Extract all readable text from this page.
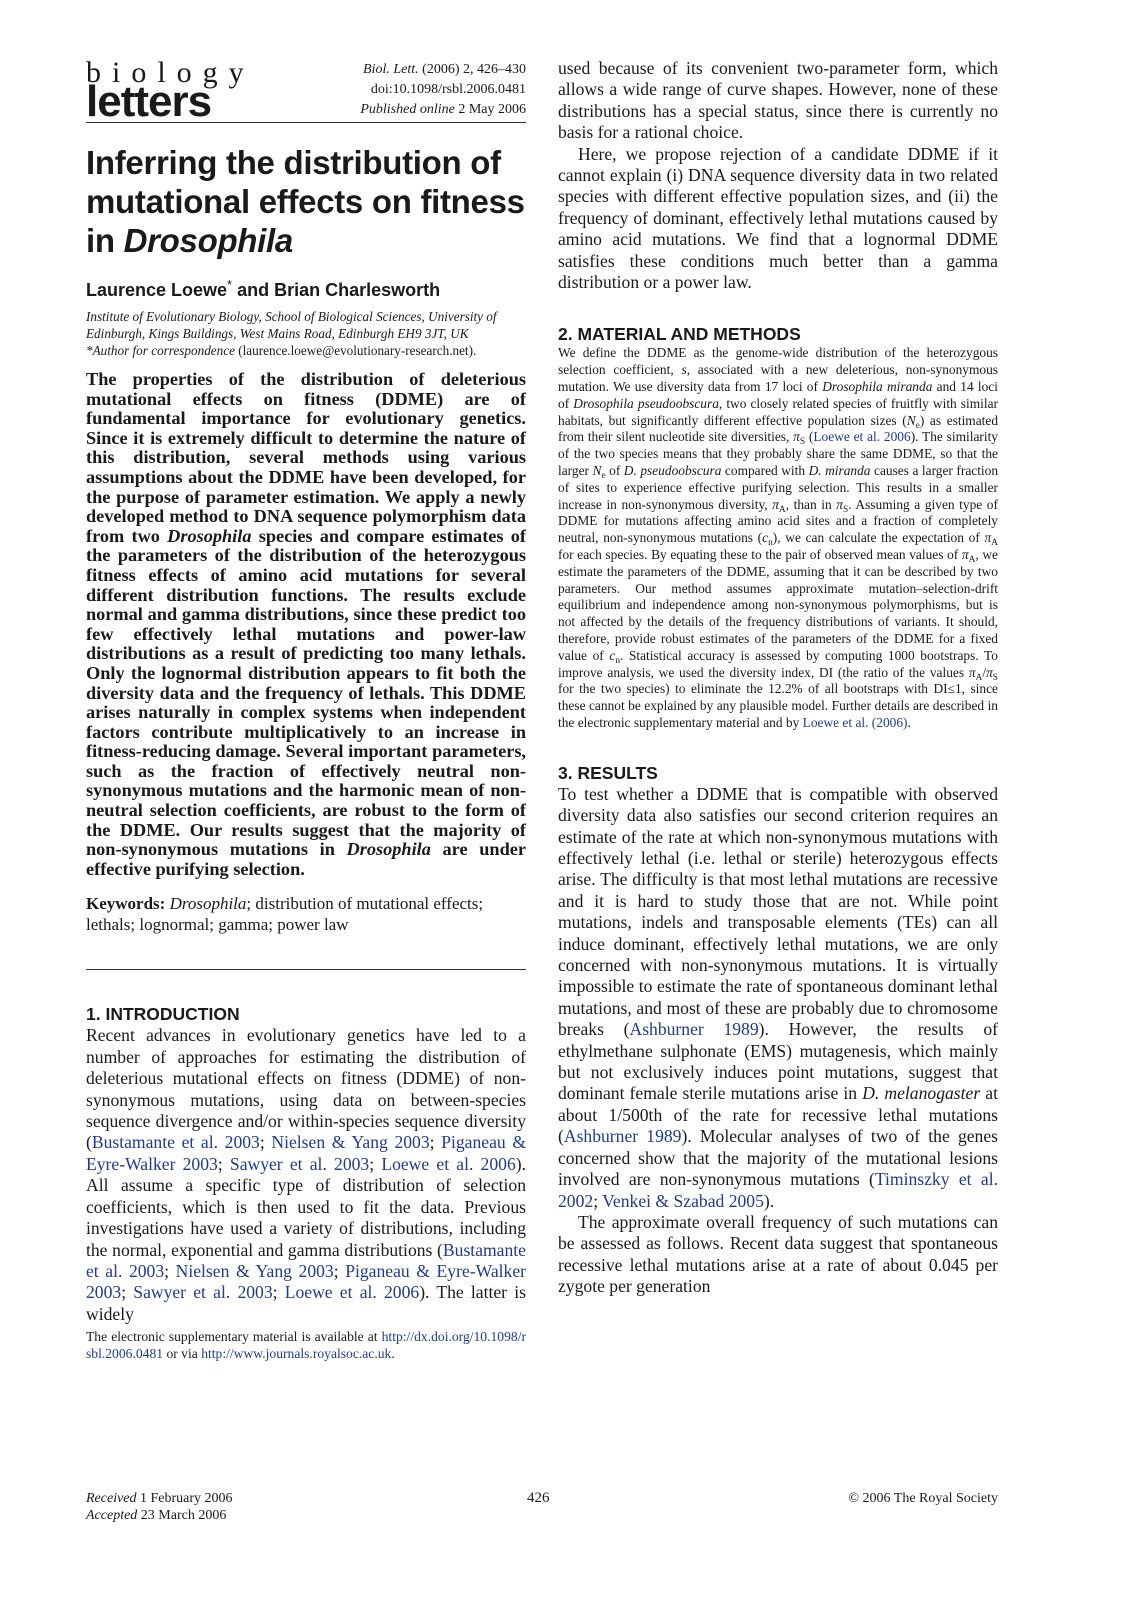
biology
letters
Biol. Lett. (2006) 2, 426–430
doi:10.1098/rsbl.2006.0481
Published online 2 May 2006
Inferring the distribution of mutational effects on fitness in Drosophila
Laurence Loewe* and Brian Charlesworth
Institute of Evolutionary Biology, School of Biological Sciences, University of Edinburgh, Kings Buildings, West Mains Road, Edinburgh EH9 3JT, UK
*Author for correspondence (laurence.loewe@evolutionary-research.net).
The properties of the distribution of deleterious mutational effects on fitness (DDME) are of fundamental importance for evolutionary genetics. Since it is extremely difficult to determine the nature of this distribution, several methods using various assumptions about the DDME have been developed, for the purpose of parameter estimation. We apply a newly developed method to DNA sequence polymorphism data from two Drosophila species and compare estimates of the parameters of the distribution of the heterozygous fitness effects of amino acid mutations for several different distribution functions. The results exclude normal and gamma distributions, since these predict too few effectively lethal mutations and power-law distributions as a result of predicting too many lethals. Only the lognormal distribution appears to fit both the diversity data and the frequency of lethals. This DDME arises naturally in complex systems when independent factors contribute multiplicatively to an increase in fitness-reducing damage. Several important parameters, such as the fraction of effectively neutral non-synonymous mutations and the harmonic mean of non-neutral selection coefficients, are robust to the form of the DDME. Our results suggest that the majority of non-synonymous mutations in Drosophila are under effective purifying selection.
Keywords: Drosophila; distribution of mutational effects; lethals; lognormal; gamma; power law
1. INTRODUCTION
Recent advances in evolutionary genetics have led to a number of approaches for estimating the distribution of deleterious mutational effects on fitness (DDME) of non-synonymous mutations, using data on between-species sequence divergence and/or within-species sequence diversity (Bustamante et al. 2003; Nielsen & Yang 2003; Piganeau & Eyre-Walker 2003; Sawyer et al. 2003; Loewe et al. 2006). All assume a specific type of distribution of selection coefficients, which is then used to fit the data. Previous investigations have used a variety of distributions, including the normal, exponential and gamma distributions (Bustamante et al. 2003; Nielsen & Yang 2003; Piganeau & Eyre-Walker 2003; Sawyer et al. 2003; Loewe et al. 2006). The latter is widely
The electronic supplementary material is available at http://dx.doi.org/10.1098/rsbl.2006.0481 or via http://www.journals.royalsoc.ac.uk.
used because of its convenient two-parameter form, which allows a wide range of curve shapes. However, none of these distributions has a special status, since there is currently no basis for a rational choice.
Here, we propose rejection of a candidate DDME if it cannot explain (i) DNA sequence diversity data in two related species with different effective population sizes, and (ii) the frequency of dominant, effectively lethal mutations caused by amino acid mutations. We find that a lognormal DDME satisfies these conditions much better than a gamma distribution or a power law.
2. MATERIAL AND METHODS
We define the DDME as the genome-wide distribution of the heterozygous selection coefficient, s, associated with a new deleterious, non-synonymous mutation. We use diversity data from 17 loci of Drosophila miranda and 14 loci of Drosophila pseudoobscura, two closely related species of fruitfly with similar habitats, but significantly different effective population sizes $(N_e)$ as estimated from their silent nucleotide site diversities, $\pi_S$ (Loewe et al. 2006). The similarity of the two species means that they probably share the same DDME, so that the larger $N_e$ of D. pseudoobscura compared with D. miranda causes a larger fraction of sites to experience effective purifying selection. This results in a smaller increase in non-synonymous diversity, $\pi_A$, than in $\pi_S$. Assuming a given type of DDME for mutations affecting amino acid sites and a fraction of completely neutral, non-synonymous mutations $(c_n)$, we can calculate the expectation of $\pi_A$ for each species. By equating these to the pair of observed mean values of $\pi_A$, we estimate the parameters of the DDME, assuming that it can be described by two parameters. Our method assumes approximate mutation–selection-drift equilibrium and independence among non-synonymous polymorphisms, but is not affected by the details of the frequency distributions of variants. It should, therefore, provide robust estimates of the parameters of the DDME for a fixed value of $c_n$. Statistical accuracy is assessed by computing 1000 bootstraps. To improve analysis, we used the diversity index, DI (the ratio of the values $\pi_A/\pi_S$ for the two species) to eliminate the 12.2% of all bootstraps with DI≤1, since these cannot be explained by any plausible model. Further details are described in the electronic supplementary material and by Loewe et al. (2006).
3. RESULTS
To test whether a DDME that is compatible with observed diversity data also satisfies our second criterion requires an estimate of the rate at which non-synonymous mutations with effectively lethal (i.e. lethal or sterile) heterozygous effects arise. The difficulty is that most lethal mutations are recessive and it is hard to study those that are not. While point mutations, indels and transposable elements (TEs) can all induce dominant, effectively lethal mutations, we are only concerned with non-synonymous mutations. It is virtually impossible to estimate the rate of spontaneous dominant lethal mutations, and most of these are probably due to chromosome breaks (Ashburner 1989). However, the results of ethylmethane sulphonate (EMS) mutagenesis, which mainly but not exclusively induces point mutations, suggest that dominant female sterile mutations arise in D. melanogaster at about 1/500th of the rate for recessive lethal mutations (Ashburner 1989). Molecular analyses of two of the genes concerned show that the majority of the mutational lesions involved are non-synonymous mutations (Timinszky et al. 2002; Venkei & Szabad 2005).
The approximate overall frequency of such mutations can be assessed as follows. Recent data suggest that spontaneous recessive lethal mutations arise at a rate of about 0.045 per zygote per generation
Received 1 February 2006
Accepted 23 March 2006
426	© 2006 The Royal Society
